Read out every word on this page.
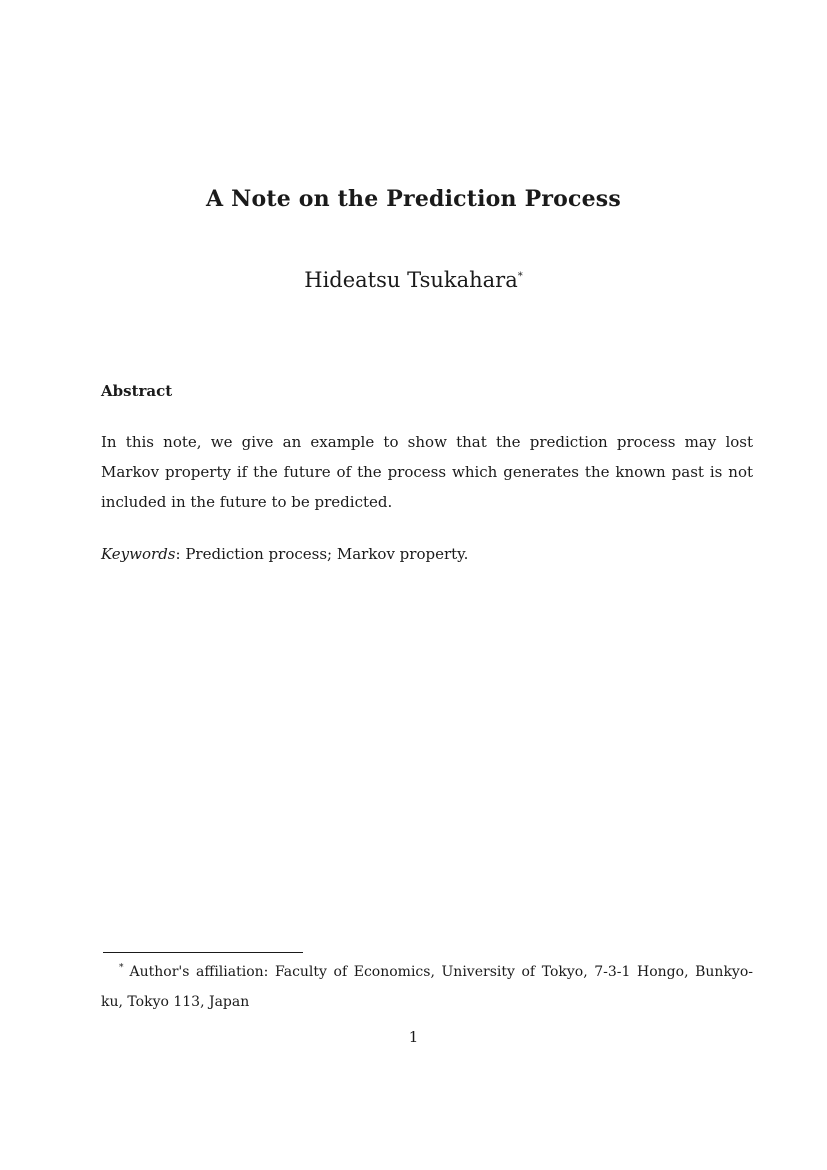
A Note on the Prediction Process
Hideatsu Tsukahara*
Abstract
In this note, we give an example to show that the prediction process may lost Markov property if the future of the process which generates the known past is not included in the future to be predicted.
Keywords: Prediction process; Markov property.
* Author's affiliation: Faculty of Economics, University of Tokyo, 7-3-1 Hongo, Bunkyo-ku, Tokyo 113, Japan
1
